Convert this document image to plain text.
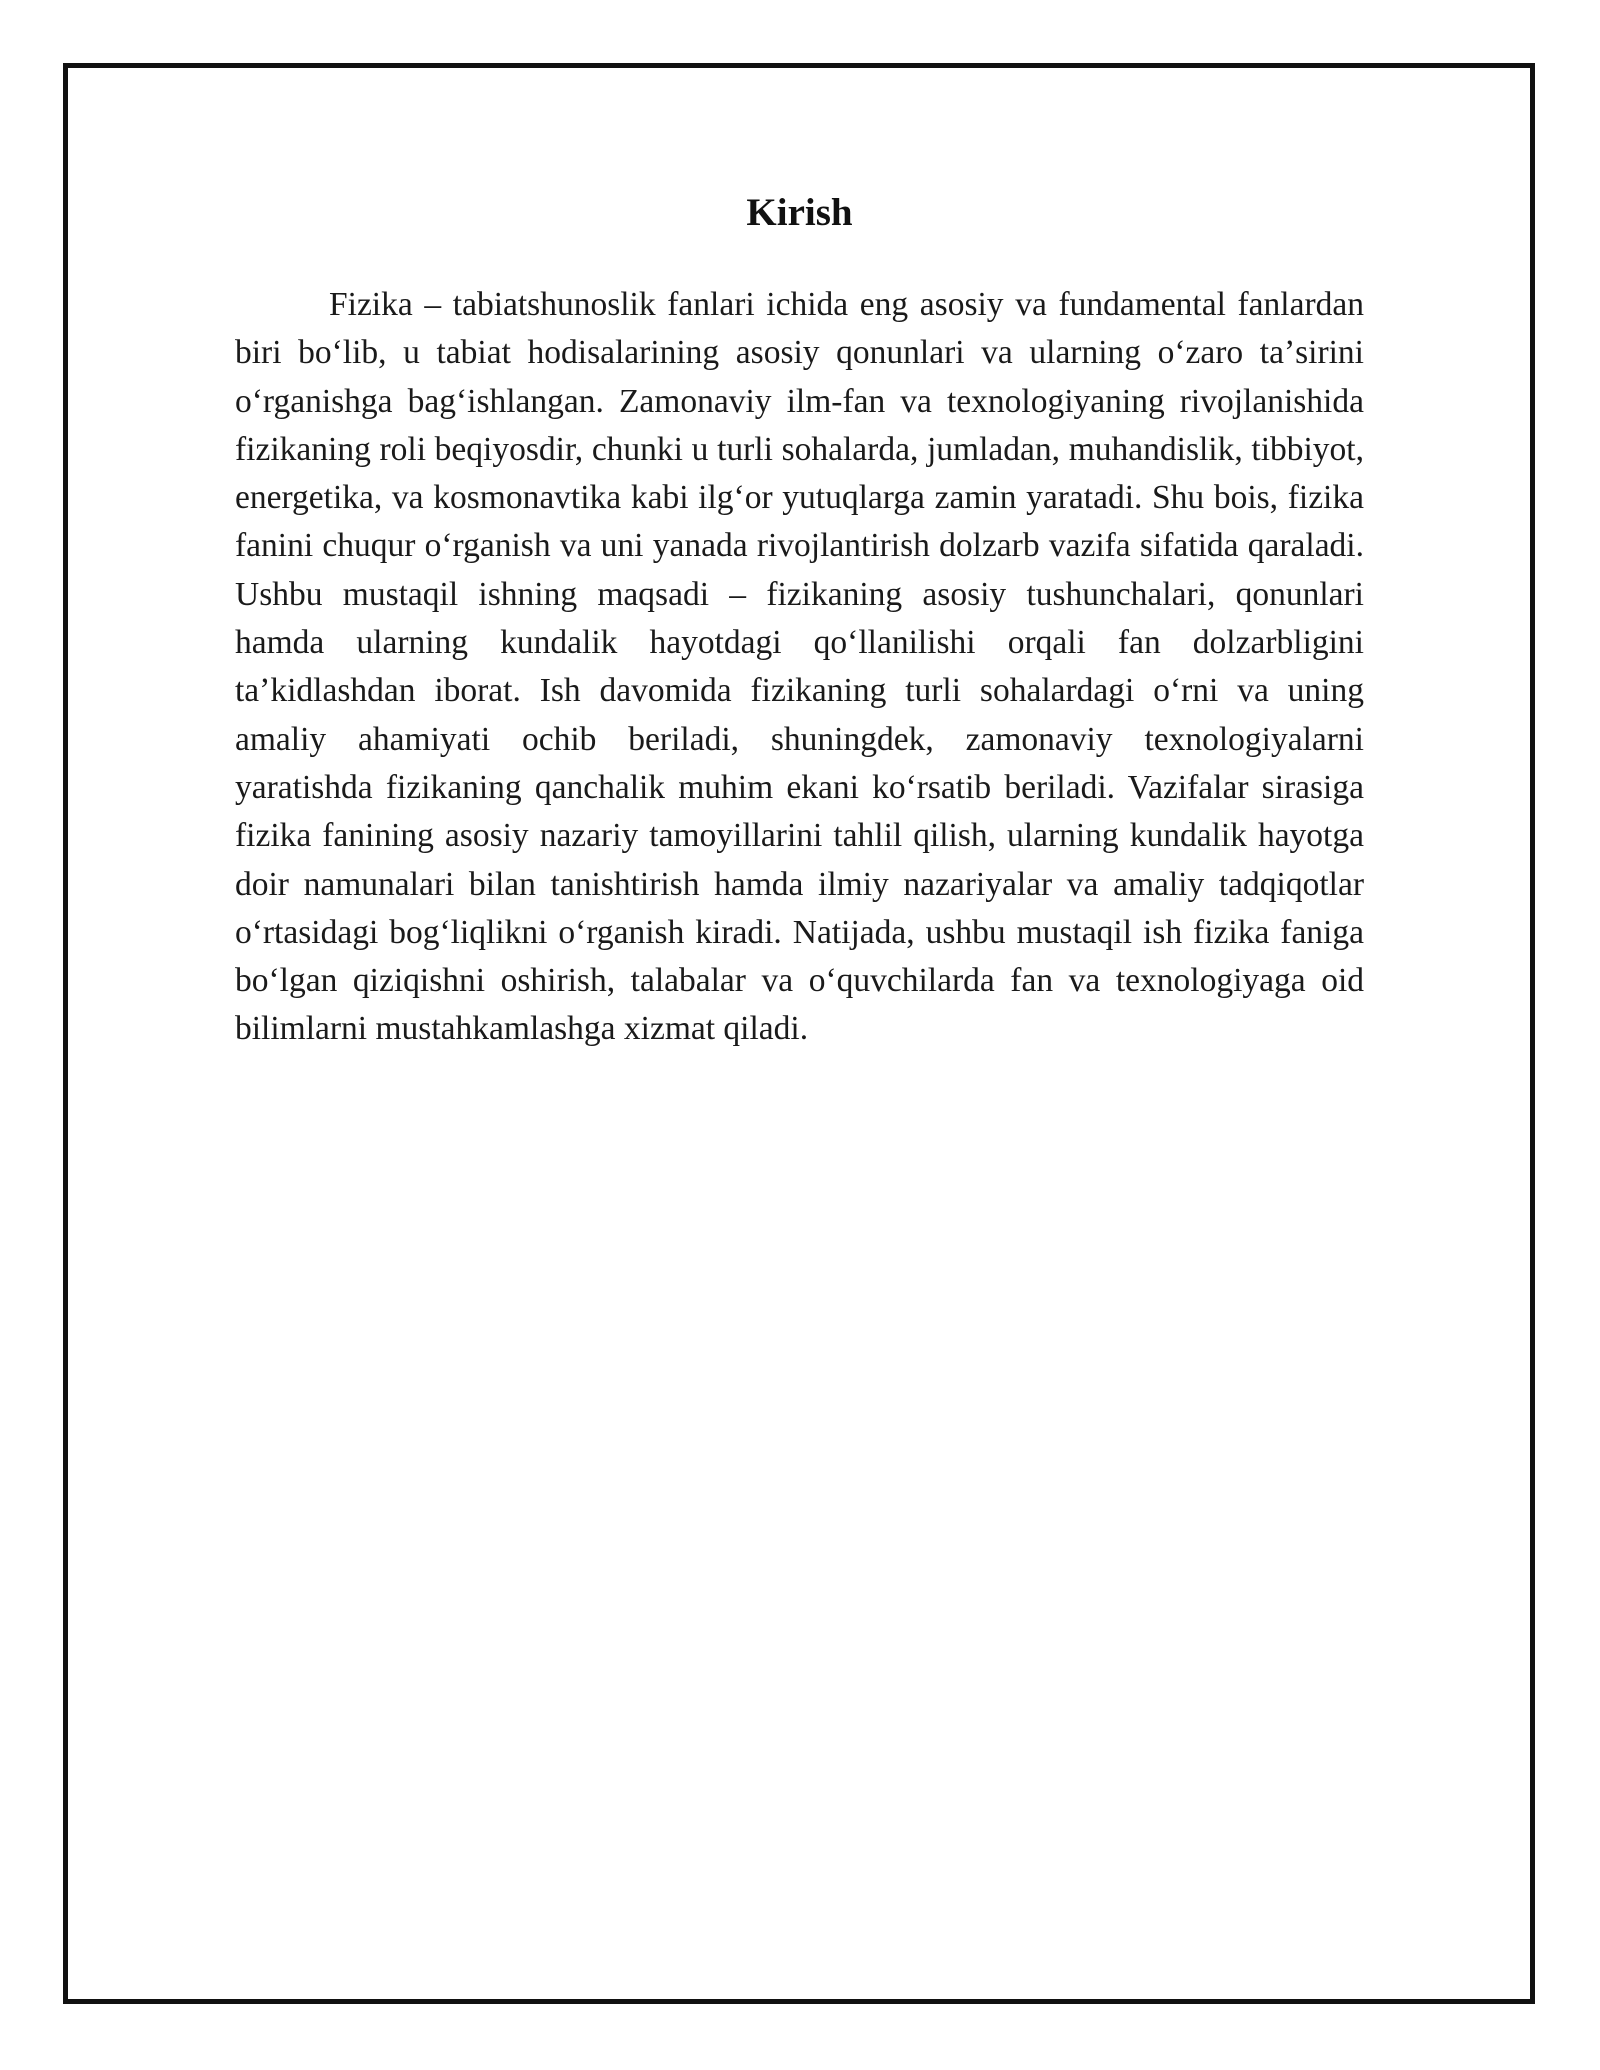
Kirish

Fizika – tabiatshunoslik fanlari ichida eng asosiy va fundamental fanlardan biri boʻlib, u tabiat hodisalarining asosiy qonunlari va ularning oʻzaro taʼsirini oʻrganishga bagʻishlangan. Zamonaviy ilm-fan va texnologiyaning rivojlanishida fizikaning roli beqiyosdir, chunki u turli sohalarda, jumladan, muhandislik, tibbiyot, energetika, va kosmonavtika kabi ilgʻor yutuqlarga zamin yaratadi. Shu bois, fizika fanini chuqur oʻrganish va uni yanada rivojlantirish dolzarb vazifa sifatida qaraladi. Ushbu mustaqil ishning maqsadi – fizikaning asosiy tushunchalari, qonunlari hamda ularning kundalik hayotdagi qoʻllanilishi orqali fan dolzarbligini taʼkidlashdan iborat. Ish davomida fizikaning turli sohalardagi oʻrni va uning amaliy ahamiyati ochib beriladi, shuningdek, zamonaviy texnologiyalarni yaratishda fizikaning qanchalik muhim ekani koʻrsatib beriladi. Vazifalar sirasiga fizika fanining asosiy nazariy tamoyillarini tahlil qilish, ularning kundalik hayotga doir namunalari bilan tanishtirish hamda ilmiy nazariyalar va amaliy tadqiqotlar oʻrtasidagi bogʻliqlikni oʻrganish kiradi. Natijada, ushbu mustaqil ish fizika faniga boʻlgan qiziqishni oshirish, talabalar va oʻquvchilarda fan va texnologiyaga oid bilimlarni mustahkamlashga xizmat qiladi.
